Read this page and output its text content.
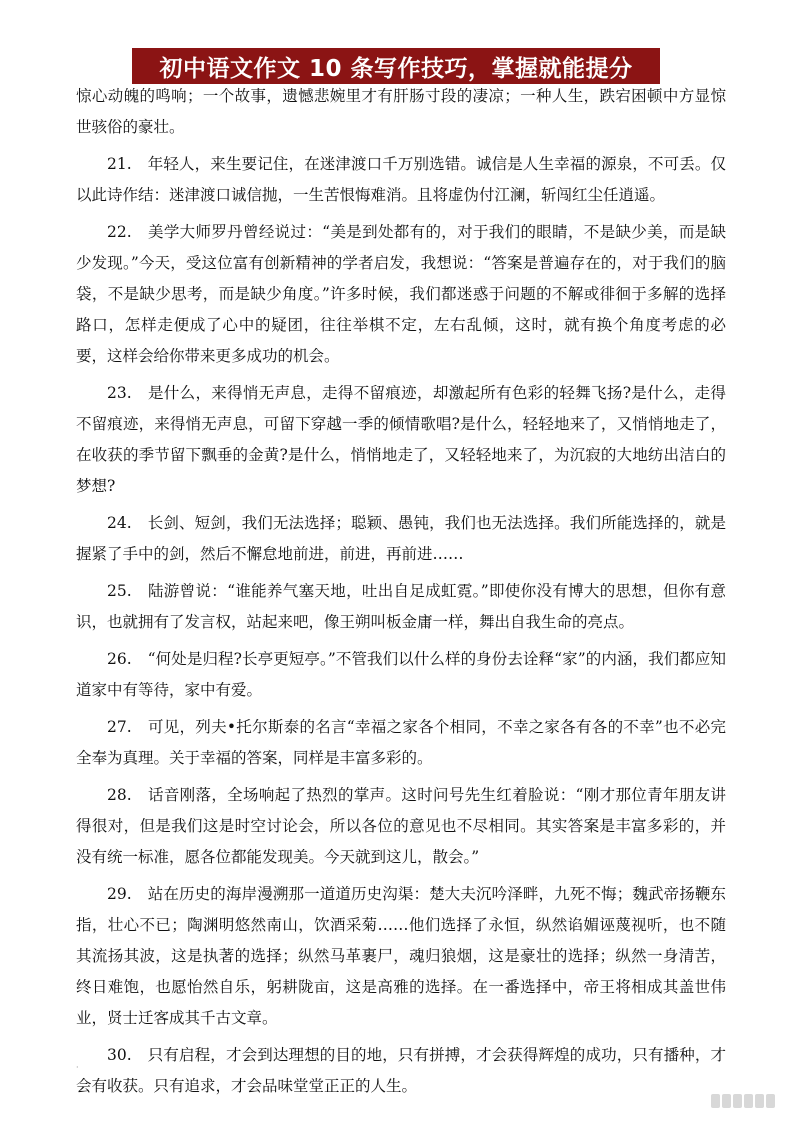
初中语文作文 10 条写作技巧，掌握就能提分

惊心动魄的鸣响；一个故事，遗憾悲婉里才有肝肠寸段的凄凉；一种人生，跌宕困顿中方显惊世骇俗的豪壮。

21. 年轻人，来生要记住，在迷津渡口千万别选错。诚信是人生幸福的源泉，不可丢。仅以此诗作结：迷津渡口诚信抛，一生苦恨悔难消。且将虚伪付江澜，斩闯红尘任逍遥。

22. 美学大师罗丹曾经说过：“美是到处都有的，对于我们的眼睛，不是缺少美，而是缺少发现。”今天，受这位富有创新精神的学者启发，我想说：“答案是普遍存在的，对于我们的脑袋，不是缺少思考，而是缺少角度。”许多时候，我们都迷惑于问题的不解或徘徊于多解的选择路口，怎样走便成了心中的疑团，往往举棋不定，左右乱倾，这时，就有换个角度考虑的必要，这样会给你带来更多成功的机会。

23. 是什么，来得悄无声息，走得不留痕迹，却激起所有色彩的轻舞飞扬?是什么，走得不留痕迹，来得悄无声息，可留下穿越一季的倾情歌唱?是什么，轻轻地来了，又悄悄地走了，在收获的季节留下飘垂的金黄?是什么，悄悄地走了，又轻轻地来了，为沉寂的大地纺出洁白的梦想?

24. 长剑、短剑，我们无法选择；聪颖、愚钝，我们也无法选择。我们所能选择的，就是握紧了手中的剑，然后不懈怠地前进，前进，再前进……

25. 陆游曾说：“谁能养气塞天地，吐出自足成虹霓。”即使你没有博大的思想，但你有意识，也就拥有了发言权，站起来吧，像王朔叫板金庸一样，舞出自我生命的亮点。

26. “何处是归程?长亭更短亭。”不管我们以什么样的身份去诠释“家”的内涵，我们都应知道家中有等待，家中有爱。

27. 可见，列夫•托尔斯泰的名言“幸福之家各个相同，不幸之家各有各的不幸”也不必完全奉为真理。关于幸福的答案，同样是丰富多彩的。

28. 话音刚落，全场响起了热烈的掌声。这时问号先生红着脸说：“刚才那位青年朋友讲得很对，但是我们这是时空讨论会，所以各位的意见也不尽相同。其实答案是丰富多彩的，并没有统一标准，愿各位都能发现美。今天就到这儿，散会。”

29. 站在历史的海岸漫溯那一道道历史沟渠：楚大夫沉吟泽畔，九死不悔；魏武帝扬鞭东指，壮心不已；陶渊明悠然南山，饮酒采菊……他们选择了永恒，纵然谄媚诬蔑视听，也不随其流扬其波，这是执著的选择；纵然马革裹尸，魂归狼烟，这是豪壮的选择；纵然一身清苦，终日难饱，也愿怡然自乐，躬耕陇亩，这是高雅的选择。在一番选择中，帝王将相成其盖世伟业，贤士迁客成其千古文章。

30. 只有启程，才会到达理想的目的地，只有拼搏，才会获得辉煌的成功，只有播种，才会有收获。只有追求，才会品味堂堂正正的人生。

·
